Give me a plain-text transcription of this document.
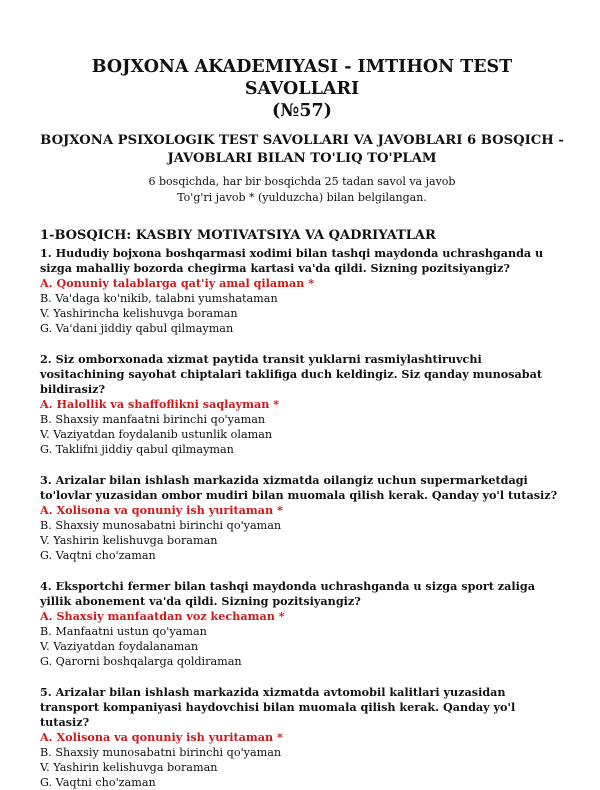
BOJXONA AKADEMIYASI - IMTIHON TEST SAVOLLARI
(№57)
BOJXONA PSIXOLOGIK TEST SAVOLLARI VA JAVOBLARI 6 BOSQICH -
JAVOBLARI BILAN TO'LIQ TO'PLAM
6 bosqichda, har bir bosqichda 25 tadan savol va javob
To'g'ri javob * (yulduzcha) bilan belgilangan.
1-BOSQICH: KASBIY MOTIVATSIYA VA QADRIYATLAR

1. Hududiy bojxona boshqarmasi xodimi bilan tashqi maydonda uchrashganda u sizga mahalliy bozorda chegirma kartasi va'da qildi. Sizning pozitsiyangiz?

A. Qonuniy talablarga qat'iy amal qilaman *

B. Va'daga ko'nikib, talabni yumshataman

V. Yashirincha kelishuvga boraman

G. Va'dani jiddiy qabul qilmayman

2. Siz omborxonada xizmat paytida transit yuklarni rasmiylashtiruvchi vositachining sayohat chiptalari taklifiga duch keldingiz. Siz qanday munosabat bildirasiz?

A. Halollik va shaffoflikni saqlayman *

B. Shaxsiy manfaatni birinchi qo'yaman

V. Vaziyatdan foydalanib ustunlik olaman

G. Taklifni jiddiy qabul qilmayman

3. Arizalar bilan ishlash markazida xizmatda oilangiz uchun supermarketdagi to'lovlar yuzasidan ombor mudiri bilan muomala qilish kerak. Qanday yo'l tutasiz?

A. Xolisona va qonuniy ish yuritaman *

B. Shaxsiy munosabatni birinchi qo'yaman

V. Yashirin kelishuvga boraman

G. Vaqtni cho'zaman

4. Eksportchi fermer bilan tashqi maydonda uchrashganda u sizga sport zaliga yillik abonement va'da qildi. Sizning pozitsiyangiz?

A. Shaxsiy manfaatdan voz kechaman *

B. Manfaatni ustun qo'yaman

V. Vaziyatdan foydalanaman

G. Qarorni boshqalarga qoldiraman

5. Arizalar bilan ishlash markazida xizmatda avtomobil kalitlari yuzasidan transport kompaniyasi haydovchisi bilan muomala qilish kerak. Qanday yo'l tutasiz?

A. Xolisona va qonuniy ish yuritaman *

B. Shaxsiy munosabatni birinchi qo'yaman

V. Yashirin kelishuvga boraman

G. Vaqtni cho'zaman
